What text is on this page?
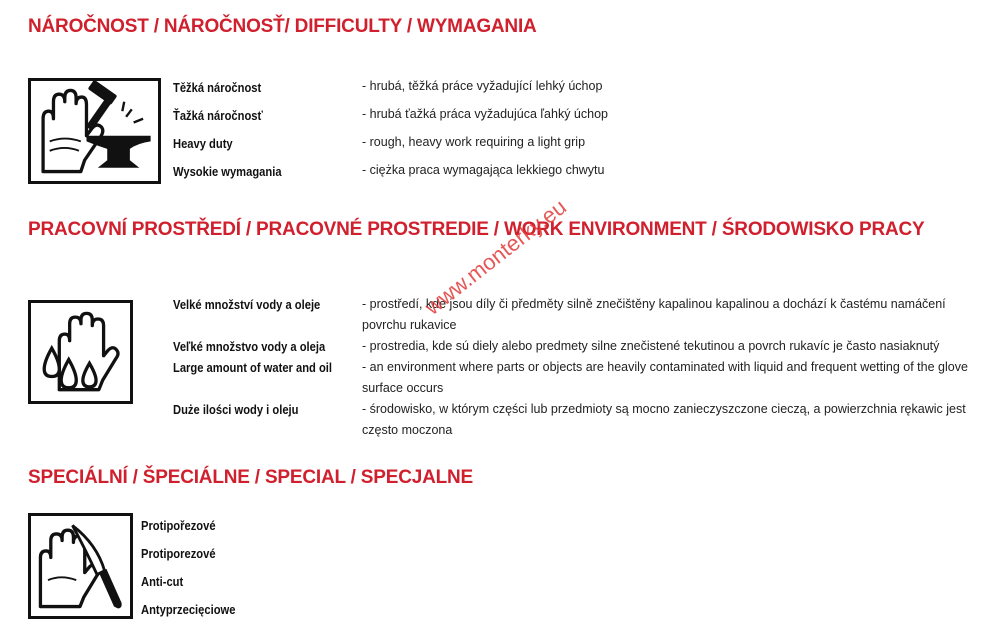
NÁROČNOST / NÁROČNOSŤ/ DIFFICULTY / WYMAGANIA
Těžká náročnost
Ťažká náročnosť
Heavy duty
Wysokie wymagania
- hrubá, těžká práce vyžadující lehký úchop
- hrubá ťažká práca vyžadujúca ľahký úchop
- rough, heavy work requiring a light grip
- ciężka praca wymagająca lekkiego chwytu
PRACOVNÍ PROSTŘEDÍ / PRACOVNÉ PROSTREDIE / WORK ENVIRONMENT / ŚRODOWISKO PRACY
Velké množství vody a oleje
Veľké množstvo vody a oleja
Large amount of water and oil
Duże ilości wody i oleju
- prostředí, kde jsou díly či předměty silně znečištěny kapalinou kapalinou a dochází k častému namáčení povrchu rukavice
- prostredia, kde sú diely alebo predmety silne znečistené tekutinou a povrch rukavíc je často nasiaknutý
- an environment where parts or objects are heavily contaminated with liquid and frequent wetting of the glove surface occurs
- środowisko, w którym części lub przedmioty są mocno zanieczyszczone cieczą, a powierzchnia rękawic jest często moczona
SPECIÁLNÍ / ŠPECIÁLNE / SPECIAL / SPECJALNE
Protipořezové
Protiporezové
Anti-cut
Antyprzecięciowe
www.monterky.eu
